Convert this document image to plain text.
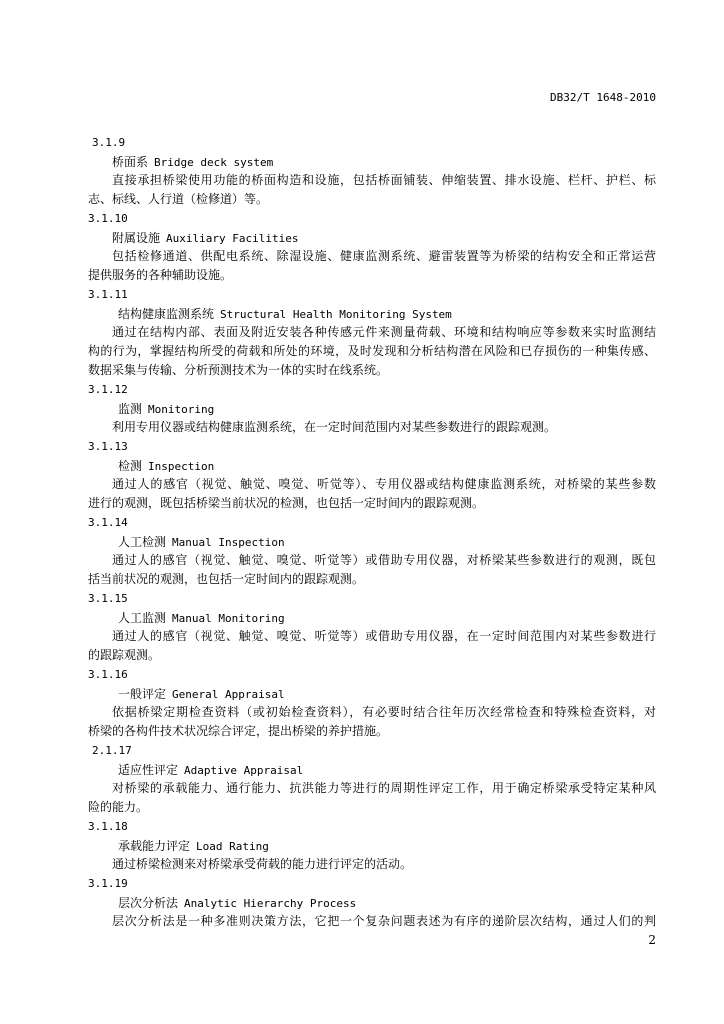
DB32/T 1648-2010
3.1.9
桥面系 Bridge deck system
直接承担桥梁使用功能的桥面构造和设施，包括桥面铺装、伸缩装置、排水设施、栏杆、护栏、标
志、标线、人行道（检修道）等。
3.1.10
附属设施 Auxiliary Facilities
包括检修通道、供配电系统、除湿设施、健康监测系统、避雷装置等为桥梁的结构安全和正常运营
提供服务的各种辅助设施。
3.1.11
结构健康监测系统 Structural Health Monitoring System
通过在结构内部、表面及附近安装各种传感元件来测量荷载、环境和结构响应等参数来实时监测结
构的行为，掌握结构所受的荷载和所处的环境，及时发现和分析结构潜在风险和已存损伤的一种集传感、
数据采集与传输、分析预测技术为一体的实时在线系统。
3.1.12
监测 Monitoring
利用专用仪器或结构健康监测系统，在一定时间范围内对某些参数进行的跟踪观测。
3.1.13
检测 Inspection
通过人的感官（视觉、触觉、嗅觉、听觉等）、专用仪器或结构健康监测系统，对桥梁的某些参数
进行的观测，既包括桥梁当前状况的检测，也包括一定时间内的跟踪观测。
3.1.14
人工检测 Manual Inspection
通过人的感官（视觉、触觉、嗅觉、听觉等）或借助专用仪器，对桥梁某些参数进行的观测，既包
括当前状况的观测，也包括一定时间内的跟踪观测。
3.1.15
人工监测 Manual Monitoring
通过人的感官（视觉、触觉、嗅觉、听觉等）或借助专用仪器，在一定时间范围内对某些参数进行
的跟踪观测。
3.1.16
一般评定 General Appraisal
依据桥梁定期检查资料（或初始检查资料），有必要时结合往年历次经常检查和特殊检查资料，对
桥梁的各构件技术状况综合评定，提出桥梁的养护措施。
2.1.17
适应性评定 Adaptive Appraisal
对桥梁的承载能力、通行能力、抗洪能力等进行的周期性评定工作，用于确定桥梁承受特定某种风
险的能力。
3.1.18
承载能力评定 Load Rating
通过桥梁检测来对桥梁承受荷载的能力进行评定的活动。
3.1.19
层次分析法 Analytic Hierarchy Process
层次分析法是一种多准则决策方法，它把一个复杂问题表述为有序的递阶层次结构，通过人们的判
2
